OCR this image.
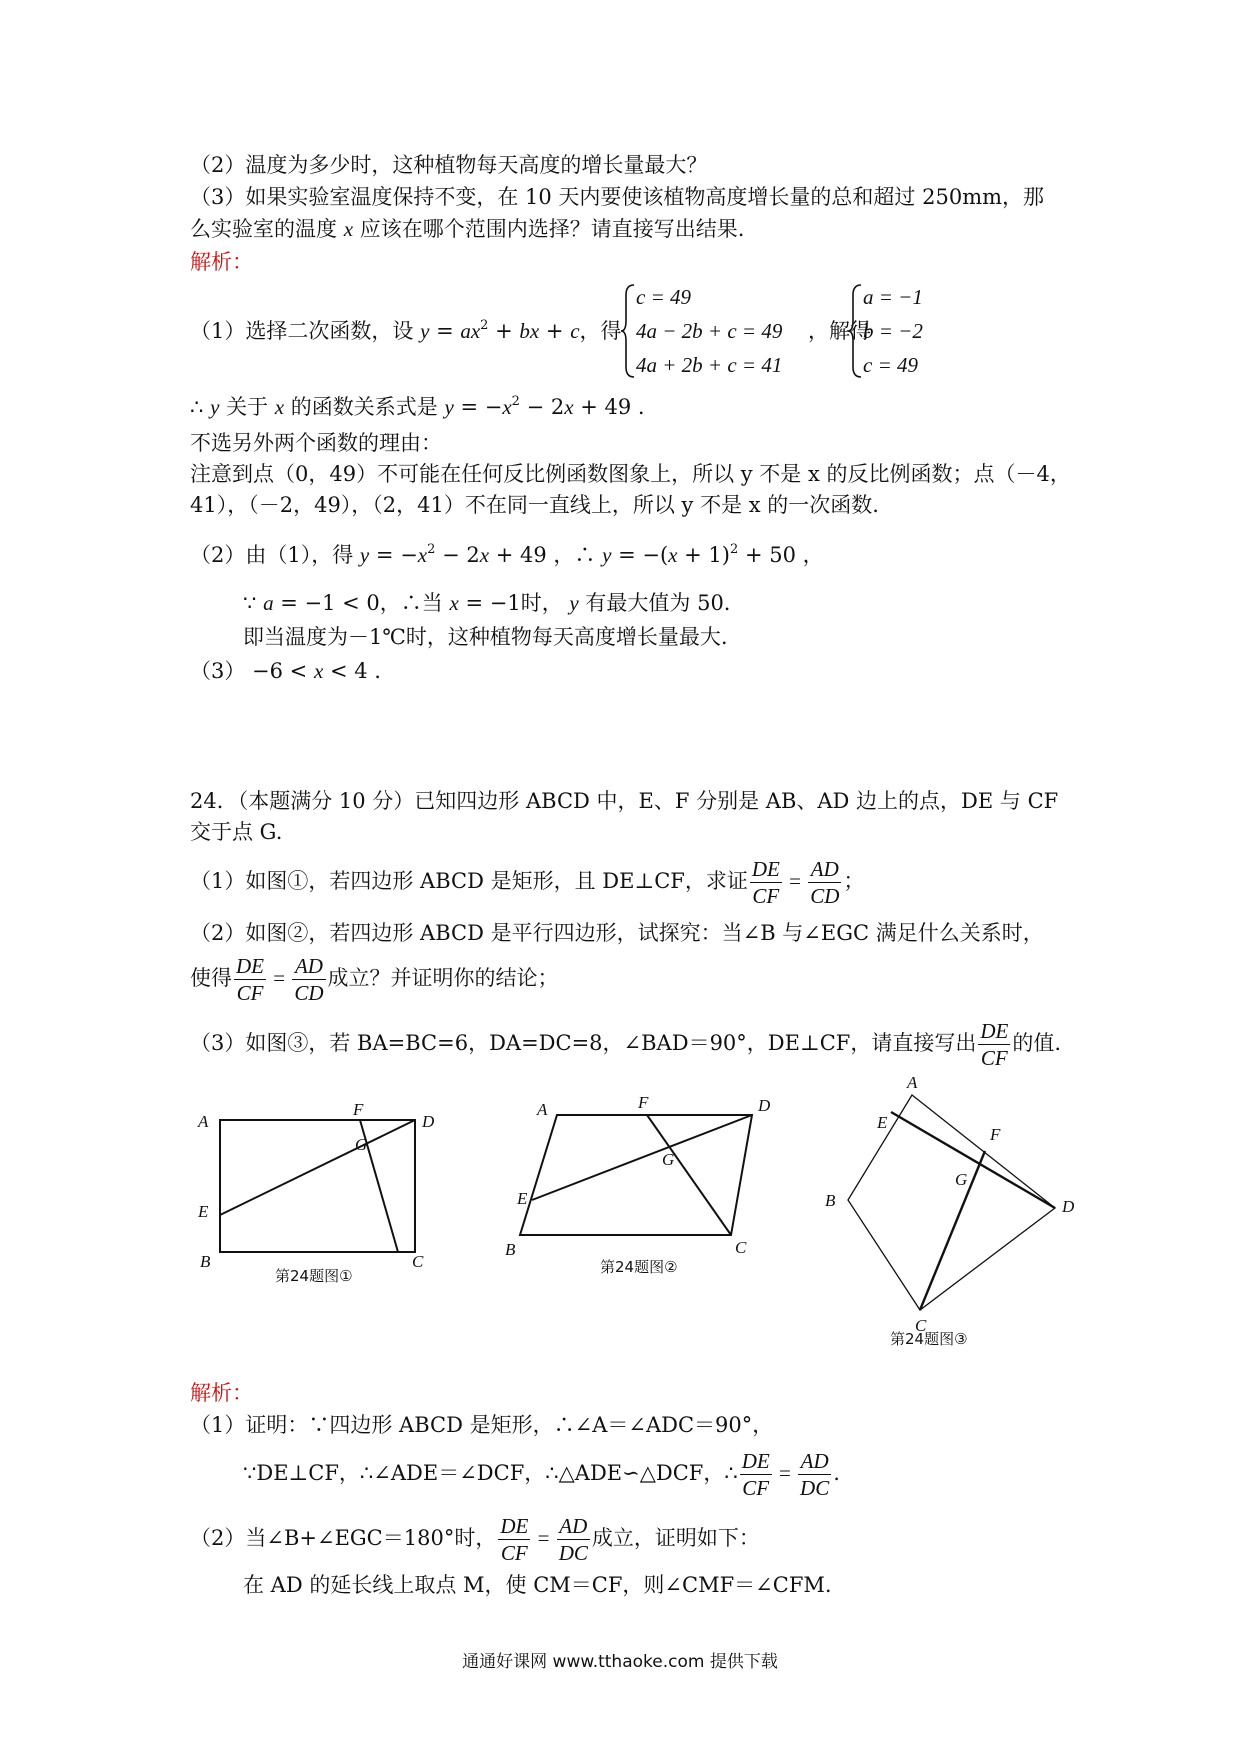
（2）温度为多少时，这种植物每天高度的增长量最大？
（3）如果实验室温度保持不变，在 10 天内要使该植物高度增长量的总和超过 250mm，那
么实验室的温度 x 应该在哪个范围内选择？请直接写出结果.
解析：
（1）选择二次函数，设 $y = ax^2$ + bx + c，得
c = 49
4a − 2b + c = 49
4a + 2b + c = 41
，解得
a = −1
b = −2
c = 49
∴ y 关于 x 的函数关系式是 $y = -x^2 - 2x + 49$ .
不选另外两个函数的理由：
注意到点（0，49）不可能在任何反比例函数图象上，所以 y 不是 x 的反比例函数；点（－4，
41），（－2，49），（2，41）不在同一直线上，所以 y 不是 x 的一次函数.
（2）由（1），得 $y = -x^2 - 2x + 49$ ，∴ $y = -(x + 1)^2 + 50$ ，
∵ a = −1 < 0，∴当 x = −1时， y 有最大值为 50.
即当温度为－1℃时，这种植物每天高度增长量最大.
（3） −6 < x < 4 .
24．（本题满分 10 分）已知四边形 ABCD 中，E、F 分别是 AB、AD 边上的点，DE 与 CF
交于点 G.
（1）如图①，若四边形 ABCD 是矩形，且 DE⊥CF，求证 $\frac{DE}{CF} = \frac{AD}{CD}$ ；
（2）如图②，若四边形 ABCD 是平行四边形，试探究：当∠B 与∠EGC 满足什么关系时，
使得 $\frac{DE}{CF} = \frac{AD}{CD}$ 成立？并证明你的结论；
（3）如图③，若 BA=BC=6，DA=DC=8，∠BAD＝90°，DE⊥CF，请直接写出 $\frac{DE}{CF}$ 的值.
A
B	C
D
E
F
G
第24题图①
A
B	C
D
E
F
G
第24题图②
A
B
C
D
E
F
G
第24题图③
解析：
（1）证明：∵四边形 ABCD 是矩形，∴∠A＝∠ADC＝90°，
∵DE⊥CF，∴∠ADE＝∠DCF，∴△ADE∽△DCF，∴ $\frac{DE}{CF} = \frac{AD}{DC}$ .
（2）当∠B+∠EGC＝180°时， $\frac{DE}{CF} = \frac{AD}{DC}$ 成立，证明如下：
在 AD 的延长线上取点 M，使 CM＝CF，则∠CMF＝∠CFM.
通通好课网 www.tthaoke.com 提供下载
